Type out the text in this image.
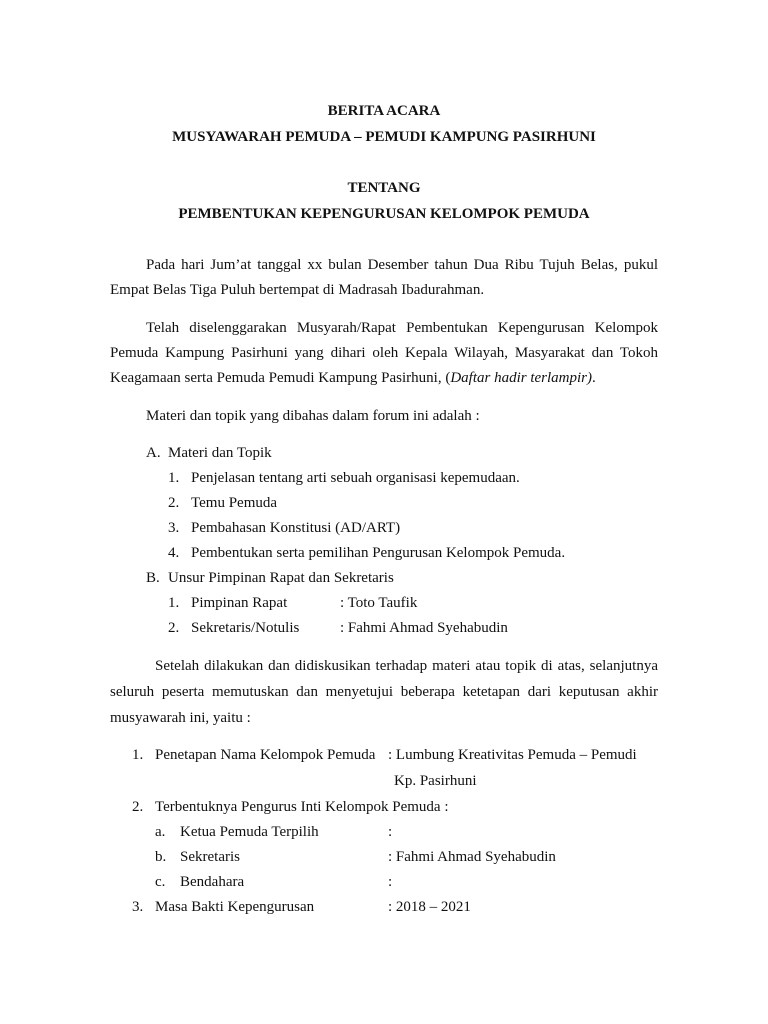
BERITA ACARA
MUSYAWARAH PEMUDA – PEMUDI KAMPUNG PASIRHUNI
TENTANG
PEMBENTUKAN KEPENGURUSAN KELOMPOK PEMUDA
Pada hari Jum’at tanggal xx bulan Desember tahun Dua Ribu Tujuh Belas, pukul
Empat Belas Tiga Puluh bertempat di Madrasah Ibadurahman.
Telah diselenggarakan Musyarah/Rapat Pembentukan Kepengurusan Kelompok
Pemuda Kampung Pasirhuni yang dihari oleh Kepala Wilayah, Masyarakat dan Tokoh
Keagamaan serta Pemuda Pemudi Kampung Pasirhuni, (Daftar hadir terlampir).
Materi dan topik yang dibahas dalam forum ini adalah :
A. Materi dan Topik
1. Penjelasan tentang arti sebuah organisasi kepemudaan.
2. Temu Pemuda
3. Pembahasan Konstitusi (AD/ART)
4. Pembentukan serta pemilihan Pengurusan Kelompok Pemuda.
B. Unsur Pimpinan Rapat dan Sekretaris
1. Pimpinan Rapat	: Toto Taufik
2. Sekretaris/Notulis	: Fahmi Ahmad Syehabudin
Setelah dilakukan dan didiskusikan terhadap materi atau topik di atas, selanjutnya
seluruh peserta memutuskan dan menyetujui beberapa ketetapan dari keputusan akhir
musyawarah ini, yaitu :
1. Penetapan Nama Kelompok Pemuda : Lumbung Kreativitas Pemuda – Pemudi
Kp. Pasirhuni
2. Terbentuknya Pengurus Inti Kelompok Pemuda :
a. Ketua Pemuda Terpilih	:
b. Sekretaris	: Fahmi Ahmad Syehabudin
c. Bendahara	:
3. Masa Bakti Kepengurusan	: 2018 – 2021
